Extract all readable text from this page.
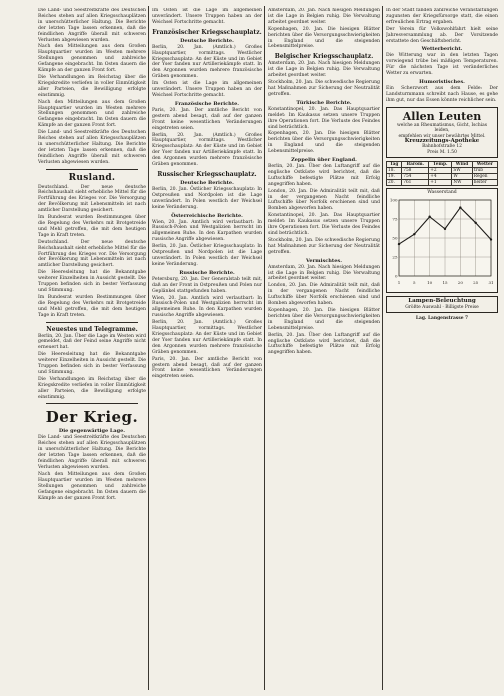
Die Land- und Seestreitkräfte des Deutschen Reiches stehen auf allen Kriegsschauplätzen in unerschütterlicher Haltung. Die Berichte der letzten Tage lassen erkennen, daß die feindlichen Angriffe überall mit schweren Verlusten abgewiesen wurden.

Nach den Mitteilungen aus dem Großen Hauptquartier wurden im Westen mehrere Stellungen genommen und zahlreiche Gefangene eingebracht. Im Osten dauern die Kämpfe an der ganzen Front fort.

Die Verhandlungen im Reichstag über die Kriegskredite verliefen in voller Einmütigkeit aller Parteien, die Bewilligung erfolgte einstimmig.

Nach den Mitteilungen aus dem Großen Hauptquartier wurden im Westen mehrere Stellungen genommen und zahlreiche Gefangene eingebracht. Im Osten dauern die Kämpfe an der ganzen Front fort.

Die Land- und Seestreitkräfte des Deutschen Reiches stehen auf allen Kriegsschauplätzen in unerschütterlicher Haltung. Die Berichte der letzten Tage lassen erkennen, daß die feindlichen Angriffe überall mit schweren Verlusten abgewiesen wurden.

Rusland.

Deutschland. Der neue deutsche Reichshaushalt sieht erhebliche Mittel für die Fortführung des Krieges vor. Die Versorgung der Bevölkerung mit Lebensmitteln ist nach amtlicher Darstellung gesichert.

Im Bundesrat wurden Bestimmungen über die Regelung des Verkehrs mit Brotgetreide und Mehl getroffen, die mit dem heutigen Tage in Kraft treten.

Deutschland. Der neue deutsche Reichshaushalt sieht erhebliche Mittel für die Fortführung des Krieges vor. Die Versorgung der Bevölkerung mit Lebensmitteln ist nach amtlicher Darstellung gesichert.

Die Heeresleitung hat die Bekanntgabe weiterer Einzelheiten in Aussicht gestellt. Die Truppen befinden sich in bester Verfassung und Stimmung.

Im Bundesrat wurden Bestimmungen über die Regelung des Verkehrs mit Brotgetreide und Mehl getroffen, die mit dem heutigen Tage in Kraft treten.

Neuestes und Telegramme.

Berlin, 20. Jan. Über die Lage im Westen wird gemeldet, daß der Feind seine Angriffe nicht erneuert hat.

Die Heeresleitung hat die Bekanntgabe weiterer Einzelheiten in Aussicht gestellt. Die Truppen befinden sich in bester Verfassung und Stimmung.

Die Verhandlungen im Reichstag über die Kriegskredite verliefen in voller Einmütigkeit aller Parteien, die Bewilligung erfolgte einstimmig.

Der Krieg.
Die gegenwärtige Lage.

Die Land- und Seestreitkräfte des Deutschen Reiches stehen auf allen Kriegsschauplätzen in unerschütterlicher Haltung. Die Berichte der letzten Tage lassen erkennen, daß die feindlichen Angriffe überall mit schweren Verlusten abgewiesen wurden.

Nach den Mitteilungen aus dem Großen Hauptquartier wurden im Westen mehrere Stellungen genommen und zahlreiche Gefangene eingebracht. Im Osten dauern die Kämpfe an der ganzen Front fort.

Im Osten ist die Lage im allgemeinen unverändert. Unsere Truppen haben an der Weichsel Fortschritte gemacht.

Französischer Kriegsschauplatz.
Deutsche Berichte.

Berlin, 20. Jan. (Amtlich.) Großes Hauptquartier, vormittags. Westlicher Kriegsschauplatz: An der Küste und im Gebiet der Yser fanden nur Artilleriekämpfe statt. In den Argonnen wurden mehrere französische Gräben genommen.

Im Osten ist die Lage im allgemeinen unverändert. Unsere Truppen haben an der Weichsel Fortschritte gemacht.

Französische Berichte.

Paris, 20. Jan. Der amtliche Bericht von gestern abend besagt, daß auf der ganzen Front keine wesentlichen Veränderungen eingetreten seien.

Berlin, 20. Jan. (Amtlich.) Großes Hauptquartier, vormittags. Westlicher Kriegsschauplatz: An der Küste und im Gebiet der Yser fanden nur Artilleriekämpfe statt. In den Argonnen wurden mehrere französische Gräben genommen.

Russischer Kriegsschauplatz.
Deutsche Berichte.

Berlin, 20. Jan. Östlicher Kriegsschauplatz: In Ostpreußen und Nordpolen ist die Lage unverändert. In Polen westlich der Weichsel keine Veränderung.

Österreichische Berichte.

Wien, 20. Jan. Amtlich wird verlautbart: In Russisch-Polen und Westgalizien herrscht im allgemeinen Ruhe. In den Karpathen wurden russische Angriffe abgewiesen.

Berlin, 20. Jan. Östlicher Kriegsschauplatz: In Ostpreußen und Nordpolen ist die Lage unverändert. In Polen westlich der Weichsel keine Veränderung.

Russische Berichte.

Petersburg, 20. Jan. Der Generalstab teilt mit, daß an der Front in Ostpreußen und Polen nur Geplänkel stattgefunden haben.

Wien, 20. Jan. Amtlich wird verlautbart: In Russisch-Polen und Westgalizien herrscht im allgemeinen Ruhe. In den Karpathen wurden russische Angriffe abgewiesen.

Berlin, 20. Jan. (Amtlich.) Großes Hauptquartier, vormittags. Westlicher Kriegsschauplatz: An der Küste und im Gebiet der Yser fanden nur Artilleriekämpfe statt. In den Argonnen wurden mehrere französische Gräben genommen.

Paris, 20. Jan. Der amtliche Bericht von gestern abend besagt, daß auf der ganzen Front keine wesentlichen Veränderungen eingetreten seien.

Amsterdam, 20. Jan. Nach hiesigen Meldungen ist die Lage in Belgien ruhig. Die Verwaltung arbeitet geordnet weiter.

Kopenhagen, 20. Jan. Die hiesigen Blätter berichten über die Versorgungsschwierigkeiten in England und die steigenden Lebensmittelpreise.

Belgischer Kriegsschauplatz.

Amsterdam, 20. Jan. Nach hiesigen Meldungen ist die Lage in Belgien ruhig. Die Verwaltung arbeitet geordnet weiter.

Stockholm, 20. Jan. Die schwedische Regierung hat Maßnahmen zur Sicherung der Neutralität getroffen.

Türkische Berichte.

Konstantinopel, 20. Jan. Das Hauptquartier meldet: Im Kaukasus setzen unsere Truppen ihre Operationen fort. Die Verluste des Feindes sind beträchtlich.

Kopenhagen, 20. Jan. Die hiesigen Blätter berichten über die Versorgungsschwierigkeiten in England und die steigenden Lebensmittelpreise.

Zeppelin über England.

Berlin, 20. Jan. Über den Luftangriff auf die englische Ostküste wird berichtet, daß die Luftschiffe befestigte Plätze mit Erfolg angegriffen haben.

London, 20. Jan. Die Admiralität teilt mit, daß in der vergangenen Nacht feindliche Luftschiffe über Norfolk erschienen sind und Bomben abgeworfen haben.

Konstantinopel, 20. Jan. Das Hauptquartier meldet: Im Kaukasus setzen unsere Truppen ihre Operationen fort. Die Verluste des Feindes sind beträchtlich.

Stockholm, 20. Jan. Die schwedische Regierung hat Maßnahmen zur Sicherung der Neutralität getroffen.

Vermischtes.

Amsterdam, 20. Jan. Nach hiesigen Meldungen ist die Lage in Belgien ruhig. Die Verwaltung arbeitet geordnet weiter.

London, 20. Jan. Die Admiralität teilt mit, daß in der vergangenen Nacht feindliche Luftschiffe über Norfolk erschienen sind und Bomben abgeworfen haben.

Kopenhagen, 20. Jan. Die hiesigen Blätter berichten über die Versorgungsschwierigkeiten in England und die steigenden Lebensmittelpreise.

Berlin, 20. Jan. Über den Luftangriff auf die englische Ostküste wird berichtet, daß die Luftschiffe befestigte Plätze mit Erfolg angegriffen haben.

In der Stadt fanden zahlreiche Veranstaltungen zugunsten der Kriegsfürsorge statt, die einen erfreulichen Ertrag ergaben.

Der Verein für Volkswohlfahrt hielt seine Jahresversammlung ab. Der Vorsitzende erstattete den Geschäftsbericht.

Wetterbericht.

Die Witterung war in den letzten Tagen vorwiegend trübe bei mäßigen Temperaturen. Für die nächsten Tage ist veränderliches Wetter zu erwarten.

Humoristisches.

Ein Scherzwort aus dem Felde: Der Landsturmmann schreibt nach Hause, es gehe ihm gut, nur das Essen könnte reichlicher sein.

Allen Leuten
welche an Rheumatismus, Gicht, Ischias leiden,
empfehlen wir unser bewährtes Mittel.
Kreuzzeitungs-Apotheke
Bahnhofstraße 12
Preis M. 1.50
Tag	Barom.	Temp.	Wind	Wetter
18.	758	+2	SW	trüb
19.	754	+4	W	Regen
20.	761	+1	NW	heiter
Wasserstand
0
25
50
75
100
1	5	10	15	20	25	31
Lampen-Beleuchtung
Größte Auswahl · Billigste Preise
Lag. Langenstrasse 7
